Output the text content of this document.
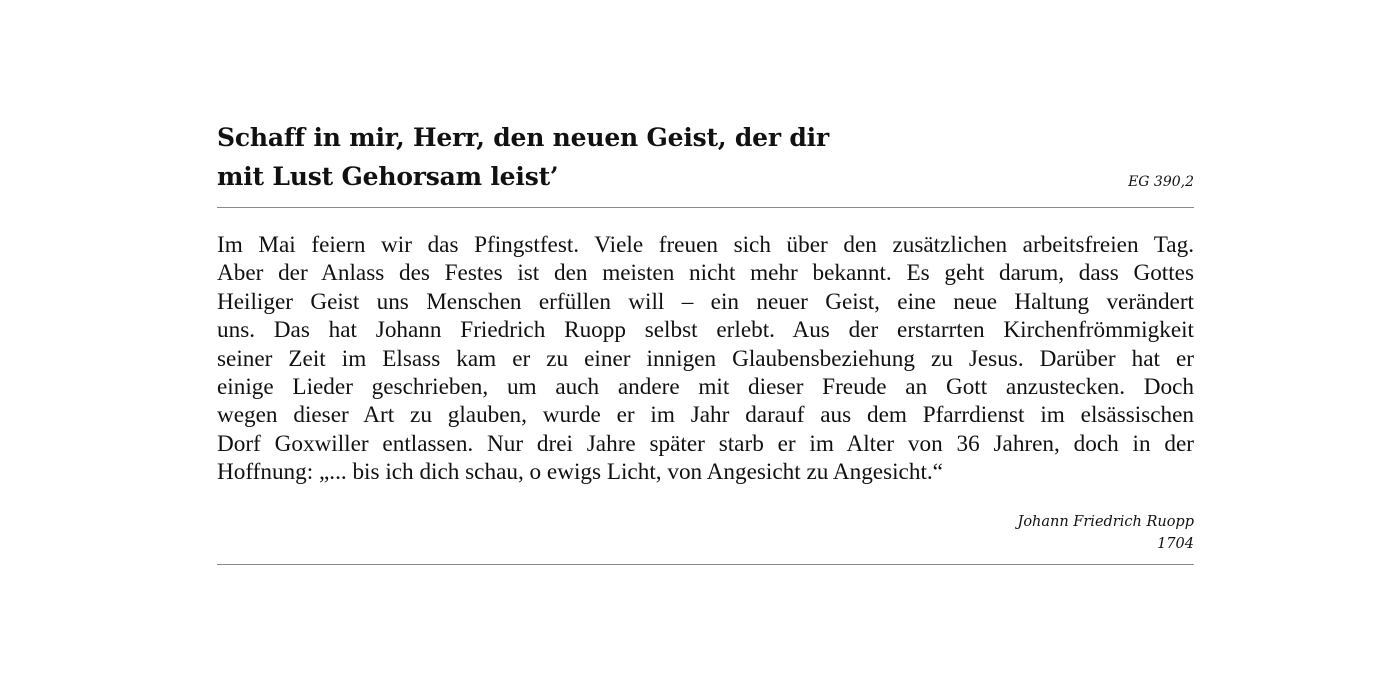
Schaff in mir, Herr, den neuen Geist, der dir
mit Lust Gehorsam leist’	EG 390,2
Im Mai feiern wir das Pfingstfest. Viele freuen sich über den zusätzlichen arbeitsfreien Tag.
Aber der Anlass des Festes ist den meisten nicht mehr bekannt. Es geht darum, dass Gottes
Heiliger Geist uns Menschen erfüllen will – ein neuer Geist, eine neue Haltung verändert
uns. Das hat Johann Friedrich Ruopp selbst erlebt. Aus der erstarrten Kirchenfrömmigkeit
seiner Zeit im Elsass kam er zu einer innigen Glaubensbeziehung zu Jesus. Darüber hat er
einige Lieder geschrieben, um auch andere mit dieser Freude an Gott anzustecken. Doch
wegen dieser Art zu glauben, wurde er im Jahr darauf aus dem Pfarrdienst im elsässischen
Dorf Goxwiller entlassen. Nur drei Jahre später starb er im Alter von 36 Jahren, doch in der
Hoffnung: „... bis ich dich schau, o ewigs Licht, von Angesicht zu Angesicht.“
Johann Friedrich Ruopp
1704
